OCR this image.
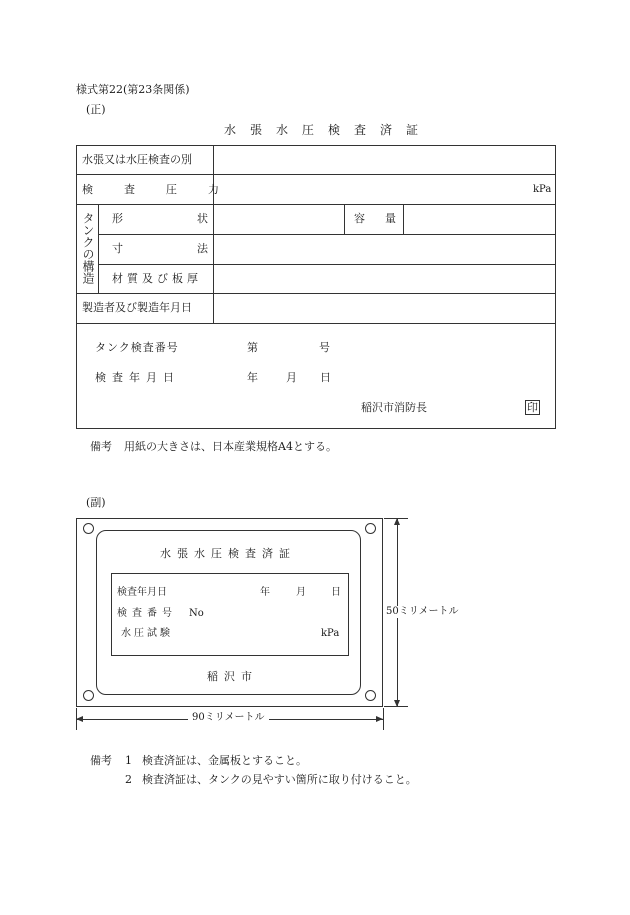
様式第22(第23条関係)
(正)
水張水圧検査済証
水張又は水圧検査の別
検査圧力	kPa
タンクの構造 形状	容量
寸法
材質及び板厚
製造者及び製造年月日
タンク検査番号	第	号
検査年月日	年	月 日
稲沢市消防長	印
備考 用紙の大きさは、日本産業規格A4とする。
(副)
水張水圧検査済証
検査年月日	年	月	日
検査番号 No
水圧試験	kPa
稲沢市
50ミリメートル
90ミリメートル
備考 1 検査済証は、金属板とすること。
2 検査済証は、タンクの見やすい箇所に取り付けること。
